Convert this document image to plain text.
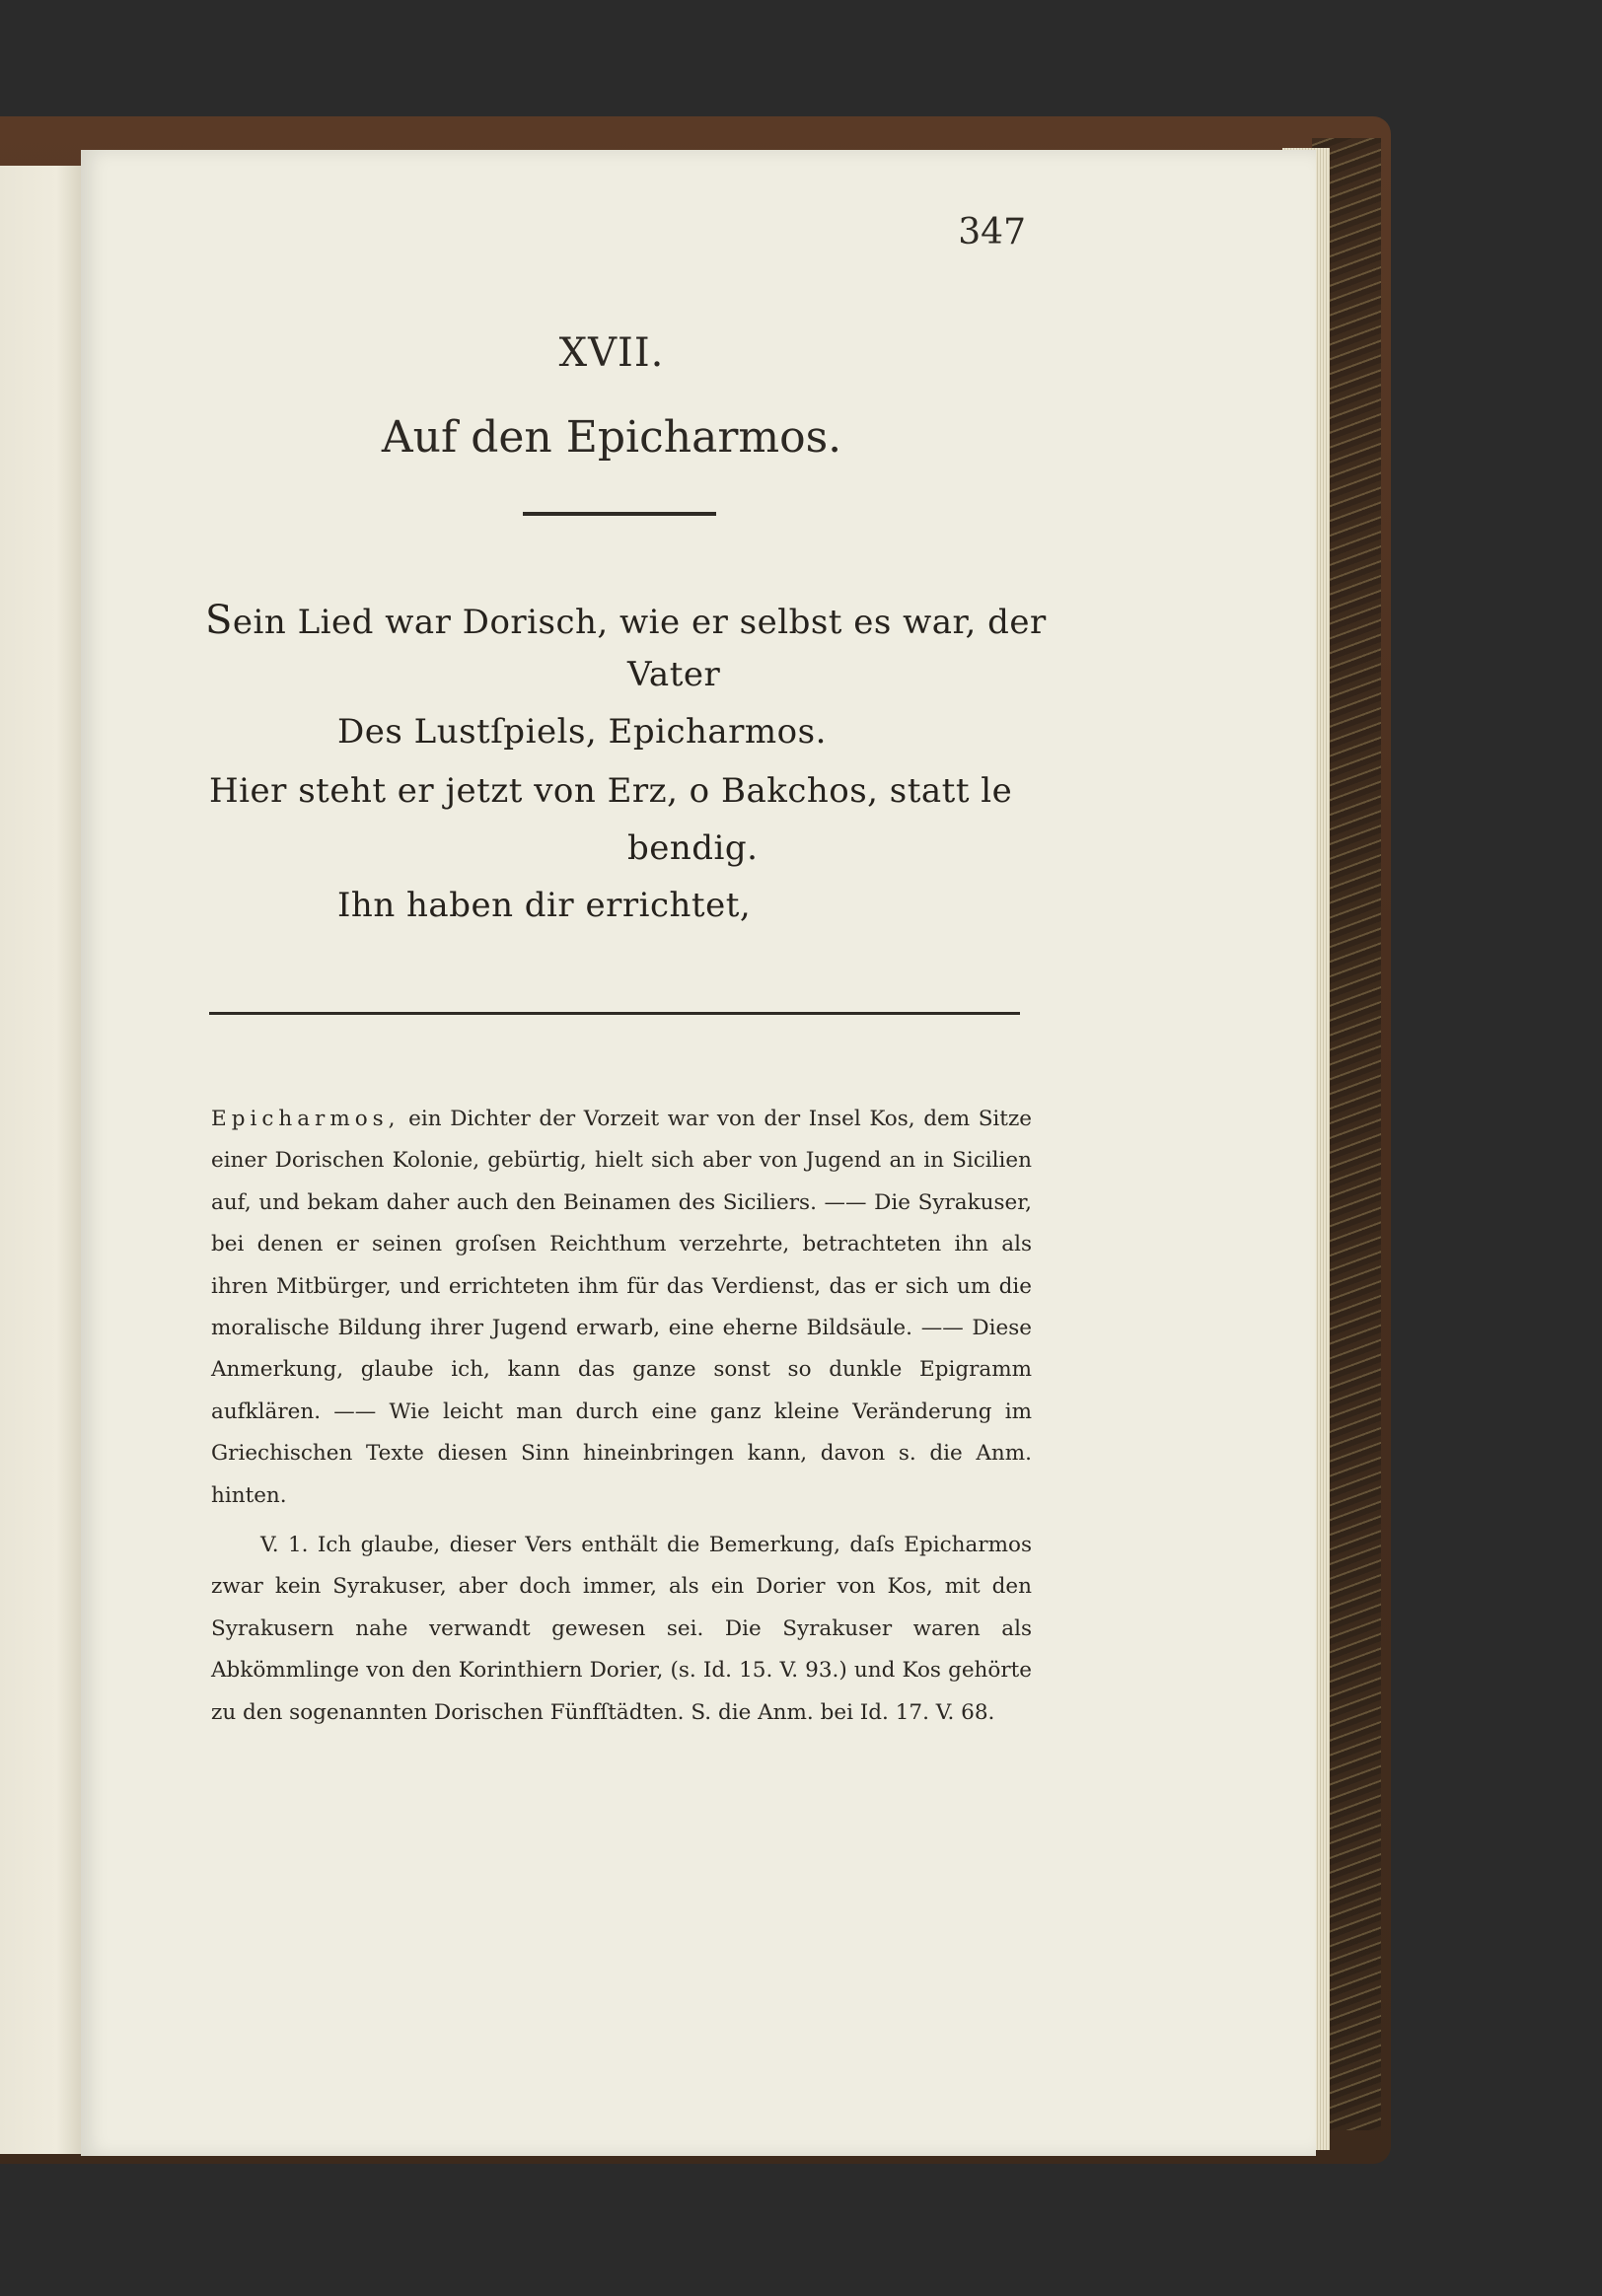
347
XVII.
Auf den Epicharmos.
Sein Lied war Dorisch, wie er selbst es war, der
Vater
Des Lustſpiels, Epicharmos.
Hier steht er jetzt von Erz, o Bakchos, statt le
bendig.
Ihn haben dir errichtet,

Epicharmos, ein Dichter der Vorzeit war von der Insel Kos, dem Sitze einer Dorischen Kolonie, gebürtig, hielt sich aber von Jugend an in Sicilien auf, und bekam daher auch den Beinamen des Siciliers. —— Die Syrakuser, bei denen er seinen groſsen Reichthum verzehrte, betrachteten ihn als ihren Mitbürger, und errichteten ihm für das Verdienst, das er sich um die moralische Bildung ihrer Jugend erwarb, eine eherne Bildsäule. —— Diese Anmerkung, glaube ich, kann das ganze sonst so dunkle Epigramm aufklären. —— Wie leicht man durch eine ganz kleine Veränderung im Griechischen Texte diesen Sinn hineinbringen kann, davon s. die Anm. hinten.

V. 1. Ich glaube, dieser Vers enthält die Bemerkung, daſs Epicharmos zwar kein Syrakuser, aber doch immer, als ein Dorier von Kos, mit den Syrakusern nahe verwandt gewesen sei. Die Syrakuser waren als Abkömmlinge von den Korinthiern Dorier, (s. Id. 15. V. 93.) und Kos gehörte zu den sogenannten Dorischen Fünfſtädten. S. die Anm. bei Id. 17. V. 68.
